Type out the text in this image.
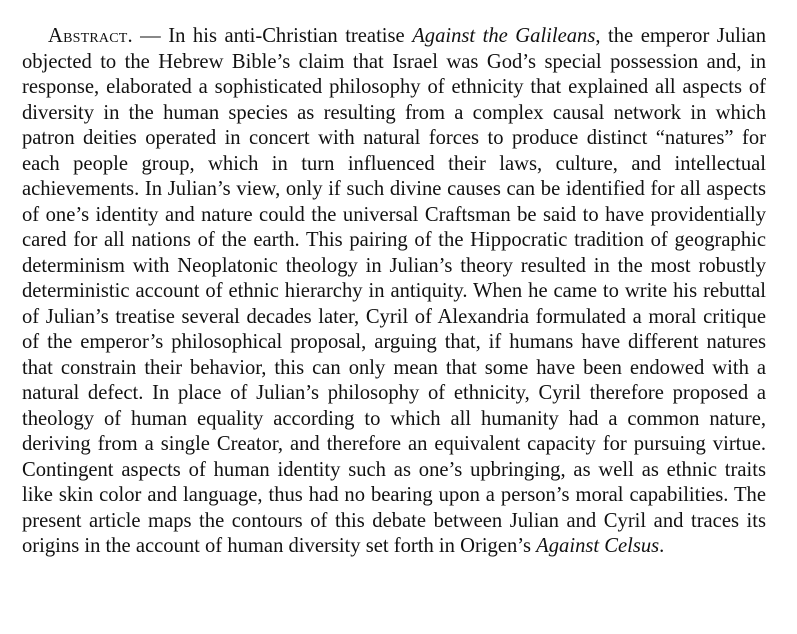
Abstract. — In his anti-Christian treatise Against the Galileans, the emperor Julian objected to the Hebrew Bible’s claim that Israel was God’s special possession and, in response, elaborated a sophisticated philosophy of ethnicity that explained all aspects of diversity in the human species as resulting from a complex causal network in which patron deities operated in concert with natural forces to produce distinct “natures” for each people group, which in turn influenced their laws, culture, and intellectual achievements. In Julian’s view, only if such divine causes can be identified for all aspects of one’s identity and nature could the universal Craftsman be said to have providentially cared for all nations of the earth. This pairing of the Hippocratic tradition of geographic determinism with Neoplatonic theology in Julian’s theory resulted in the most robustly deterministic account of ethnic hierarchy in antiquity. When he came to write his rebuttal of Julian’s treatise several decades later, Cyril of Alexandria formulated a moral critique of the emperor’s philosophical proposal, arguing that, if humans have different natures that constrain their behavior, this can only mean that some have been endowed with a natural defect. In place of Julian’s philosophy of ethnicity, Cyril therefore proposed a theology of human equality according to which all humanity had a common nature, deriving from a single Creator, and therefore an equivalent capacity for pursuing virtue. Contingent aspects of human identity such as one’s upbringing, as well as ethnic traits like skin color and language, thus had no bearing upon a person’s moral capabilities. The present article maps the contours of this debate between Julian and Cyril and traces its origins in the account of human diversity set forth in Origen’s Against Celsus.
